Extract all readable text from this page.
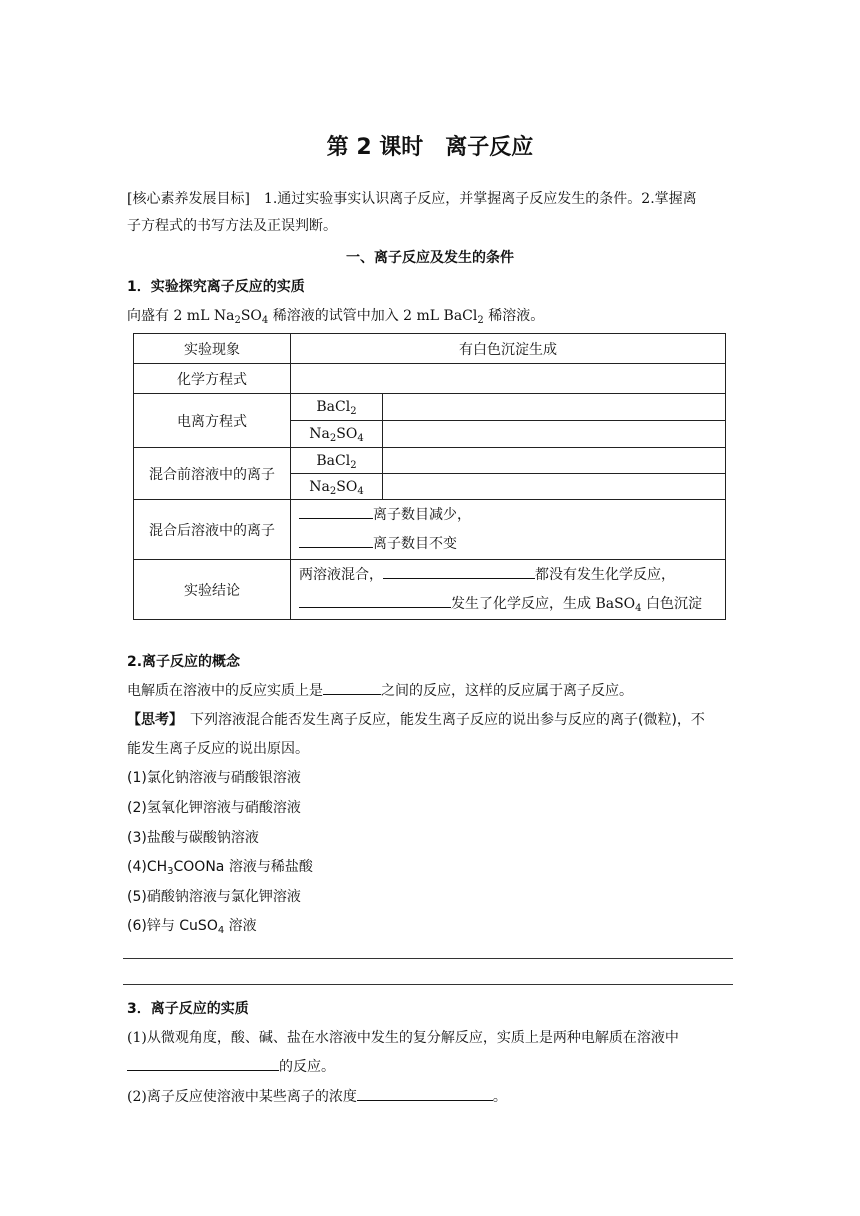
第 2 课时　离子反应
[核心素养发展目标]　1.通过实验事实认识离子反应，并掌握离子反应发生的条件。2.掌握离
子方程式的书写方法及正误判断。
一、离子反应及发生的条件
1．实验探究离子反应的实质
向盛有 2 mL $Na_2SO_4$ 稀溶液的试管中加入 2 mL BaCl$_2$ 稀溶液。
实验现象	有白色沉淀生成	
化学方程式		
电离方程式	BaCl$_2$	
	$Na_2SO_4$	
混合前溶液中的离子	BaCl$_2$	
	$Na_2SO_4$	
混合后溶液中的离子	离子数目减少，
离子数目不变	

实验结论	两溶液混合， 都没有发生化学反应，
发生了化学反应，生成 BaSO$_4$ 白色沉淀	
2.离子反应的概念
电解质在溶液中的反应实质上是	之间的反应，这样的反应属于离子反应。
【思考】　下列溶液混合能否发生离子反应，能发生离子反应的说出参与反应的离子(微粒)，不
能发生离子反应的说出原因。
(1)氯化钠溶液与硝酸银溶液
(2)氢氧化钾溶液与硝酸溶液
(3)盐酸与碳酸钠溶液
$(4)CH_3COONa$ 溶液与稀盐酸
(5)硝酸钠溶液与氯化钾溶液
(6)锌与 CuSO$_4$ 溶液
3．离子反应的实质
(1)从微观角度，酸、碱、盐在水溶液中发生的复分解反应，实质上是两种电解质在溶液中
的反应。
(2)离子反应使溶液中某些离子的浓度	。
